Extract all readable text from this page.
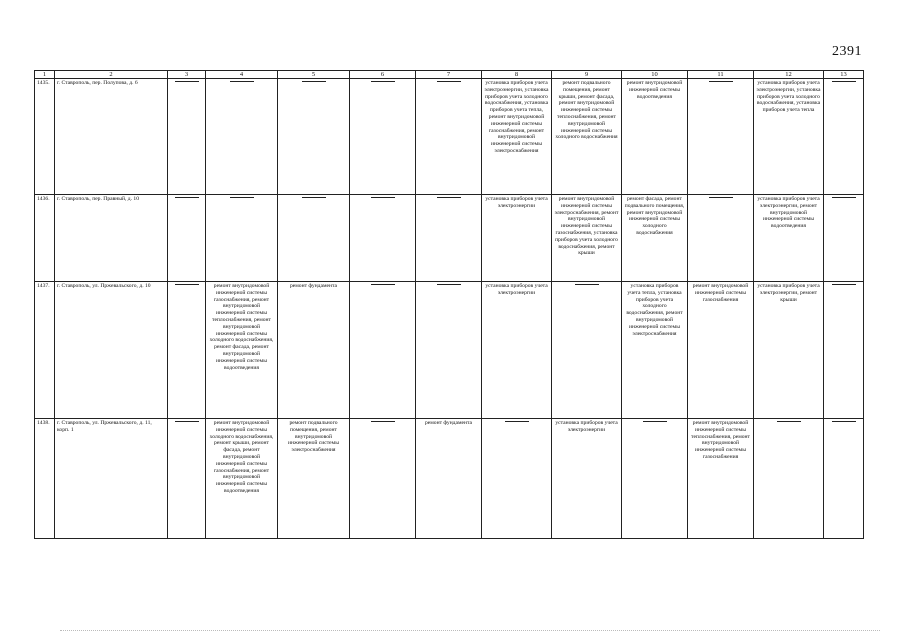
2391
1	2	3	4	5	6	7	8	9	10	11	12	13
1435.	г. Ставрополь, пер. Полупова, д. 6						установка приборов учета электроэнергии, установка приборов учета холодного водоснабжения, установка приборов учета тепла, ремонт внутридомовой инженерной системы газоснабжения, ремонт внутридомовой инженерной системы электроснабжения	ремонт подвального помещения, ремонт крыши, ремонт фасада, ремонт внутридомовой инженерной системы теплоснабжения, ремонт внутридомовой инженерной системы холодного водоснабжения	ремонт внутридомовой инженерной системы водоотведения		установка приборов учета электроэнергии, установка приборов учета холодного водоснабжения, установка приборов учета тепла	

1436.	г. Ставрополь, пер. Правный, д. 10						установка приборов учета электроэнергии	ремонт внутридомовой инженерной системы электроснабжения, ремонт внутридомовой инженерной системы газоснабжения, установка приборов учета холодного водоснабжения, ремонт крыши	ремонт фасада, ремонт подвального помещения, ремонт внутридомовой инженерной системы холодного водоснабжения		установка приборов учета электроэнергии, ремонт внутридомовой инженерной системы водоотведения	

1437.	г. Ставрополь, ул. Пржевальского, д. 10		ремонт внутридомовой инженерной системы газоснабжения, ремонт внутридомовой инженерной системы теплоснабжения, ремонт внутридомовой инженерной системы холодного водоснабжения, ремонт фасада, ремонт внутридомовой инженерной системы водоотведения	ремонт фундамента			установка приборов учета электроэнергии		установка приборов учета тепла, установка приборов учета холодного водоснабжения, ремонт внутридомовой инженерной системы электроснабжения	ремонт внутридомовой инженерной системы газоснабжения	установка приборов учета электроэнергии, ремонт крыши	

1438.	г. Ставрополь, ул. Пржевальского, д. 11, корп. 1		ремонт внутридомовой инженерной системы холодного водоснабжения, ремонт крыши, ремонт фасада, ремонт внутридомовой инженерной системы газоснабжения, ремонт внутридомовой инженерной системы водоотведения	ремонт подвального помещения, ремонт внутридомовой инженерной системы электроснабжения		ремонт фундамента		установка приборов учета электроэнергии		ремонт внутридомовой инженерной системы теплоснабжения, ремонт внутридомовой инженерной системы газоснабжения	
